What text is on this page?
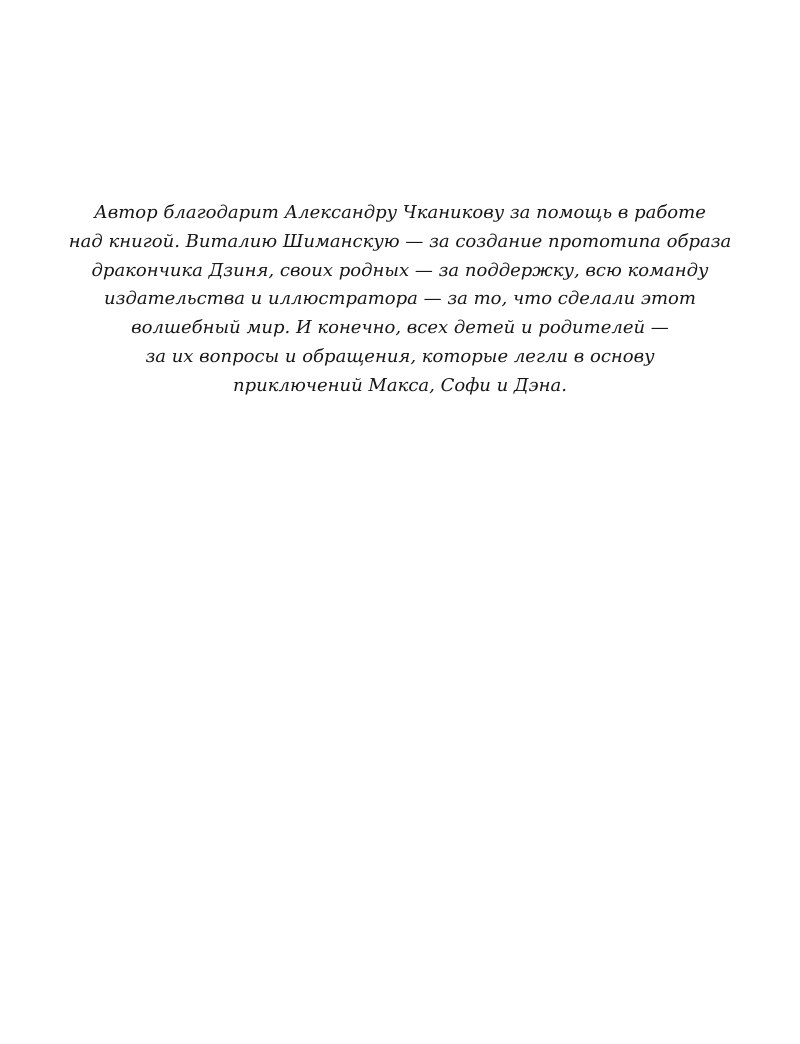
Автор благодарит Александру Чканикову за помощь в работе
над книгой. Виталию Шиманскую — за создание прототипа образа
дракончика Дзиня, своих родных — за поддержку, всю команду
издательства и иллюстратора — за то, что сделали этот
волшебный мир. И конечно, всех детей и родителей —
за их вопросы и обращения, которые легли в основу
приключений Макса, Софи и Дэна.
